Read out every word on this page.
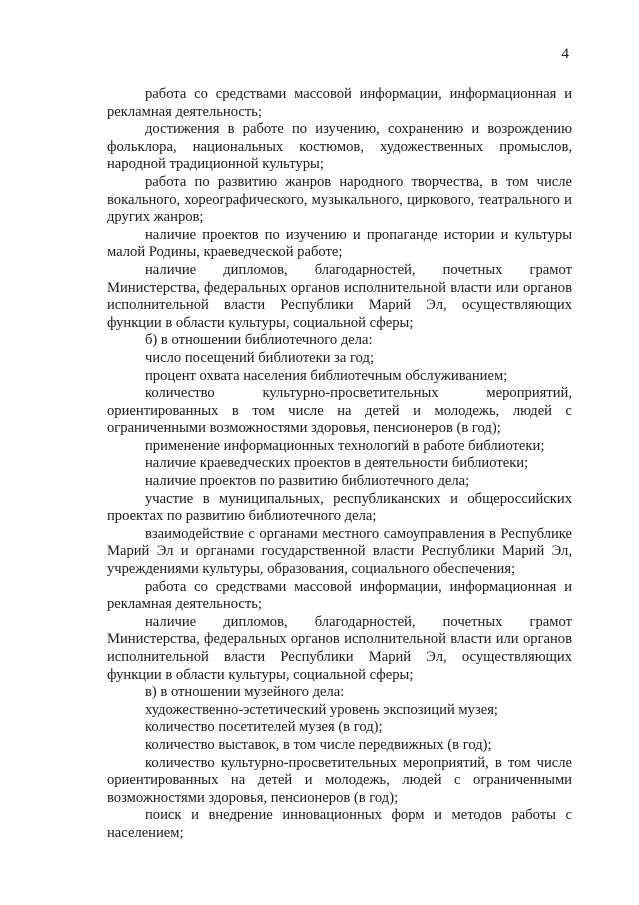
4

работа со средствами массовой информации, информационная и рекламная деятельность;

достижения в работе по изучению, сохранению и возрождению фольклора, национальных костюмов, художественных промыслов, народной традиционной культуры;

работа по развитию жанров народного творчества, в том числе вокального, хореографического, музыкального, циркового, театрального и других жанров;

наличие проектов по изучению и пропаганде истории и культуры малой Родины, краеведческой работе;

наличие дипломов, благодарностей, почетных грамот Министерства, федеральных органов исполнительной власти или органов исполнительной власти Республики Марий Эл, осуществляющих функции в области культуры, социальной сферы;

б) в отношении библиотечного дела:

число посещений библиотеки за год;

процент охвата населения библиотечным обслуживанием;

количество культурно-просветительных мероприятий, ориентированных в том числе на детей и молодежь, людей с ограниченными возможностями здоровья, пенсионеров (в год);

применение информационных технологий в работе библиотеки;

наличие краеведческих проектов в деятельности библиотеки;

наличие проектов по развитию библиотечного дела;

участие в муниципальных, республиканских и общероссийских проектах по развитию библиотечного дела;

взаимодействие с органами местного самоуправления в Республике Марий Эл и органами государственной власти Республики Марий Эл, учреждениями культуры, образования, социального обеспечения;

работа со средствами массовой информации, информационная и рекламная деятельность;

наличие дипломов, благодарностей, почетных грамот Министерства, федеральных органов исполнительной власти или органов исполнительной власти Республики Марий Эл, осуществляющих функции в области культуры, социальной сферы;

в) в отношении музейного дела:

художественно-эстетический уровень экспозиций музея;

количество посетителей музея (в год);

количество выставок, в том числе передвижных (в год);

количество культурно-просветительных мероприятий, в том числе ориентированных на детей и молодежь, людей с ограниченными возможностями здоровья, пенсионеров (в год);

поиск и внедрение инновационных форм и методов работы с населением;
